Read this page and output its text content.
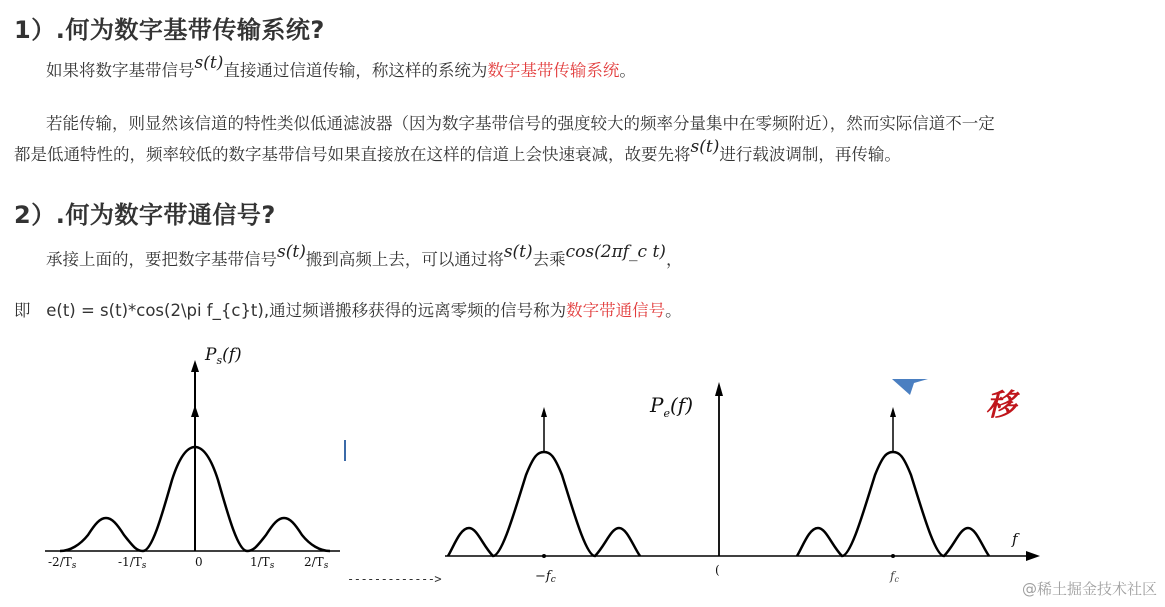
1）.何为数字基带传输系统?
如果将数字基带信号s(t)直接通过信道传输，称这样的系统为数字基带传输系统。
若能传输，则显然该信道的特性类似低通滤波器（因为数字基带信号的强度较大的频率分量集中在零频附近），然而实际信道不一定
都是低通特性的，频率较低的数字基带信号如果直接放在这样的信道上会快速衰减，故要先将s(t)进行载波调制，再传输。
2）.何为数字带通信号?
承接上面的，要把数字基带信号s(t)搬到高频上去，可以通过将s(t)去乘cos(2πf_c t)，
即 e(t) = s(t)*cos(2\pi f_{c}t),通过频谱搬移获得的远离零频的信号称为数字带通信号。
$P_s(f)$
-2/Ts	-1/Ts	0	1/Ts 2/Ts
------------->
$P_e(f)$
−fc
(	fc
f
移
@稀土掘金技术社区
